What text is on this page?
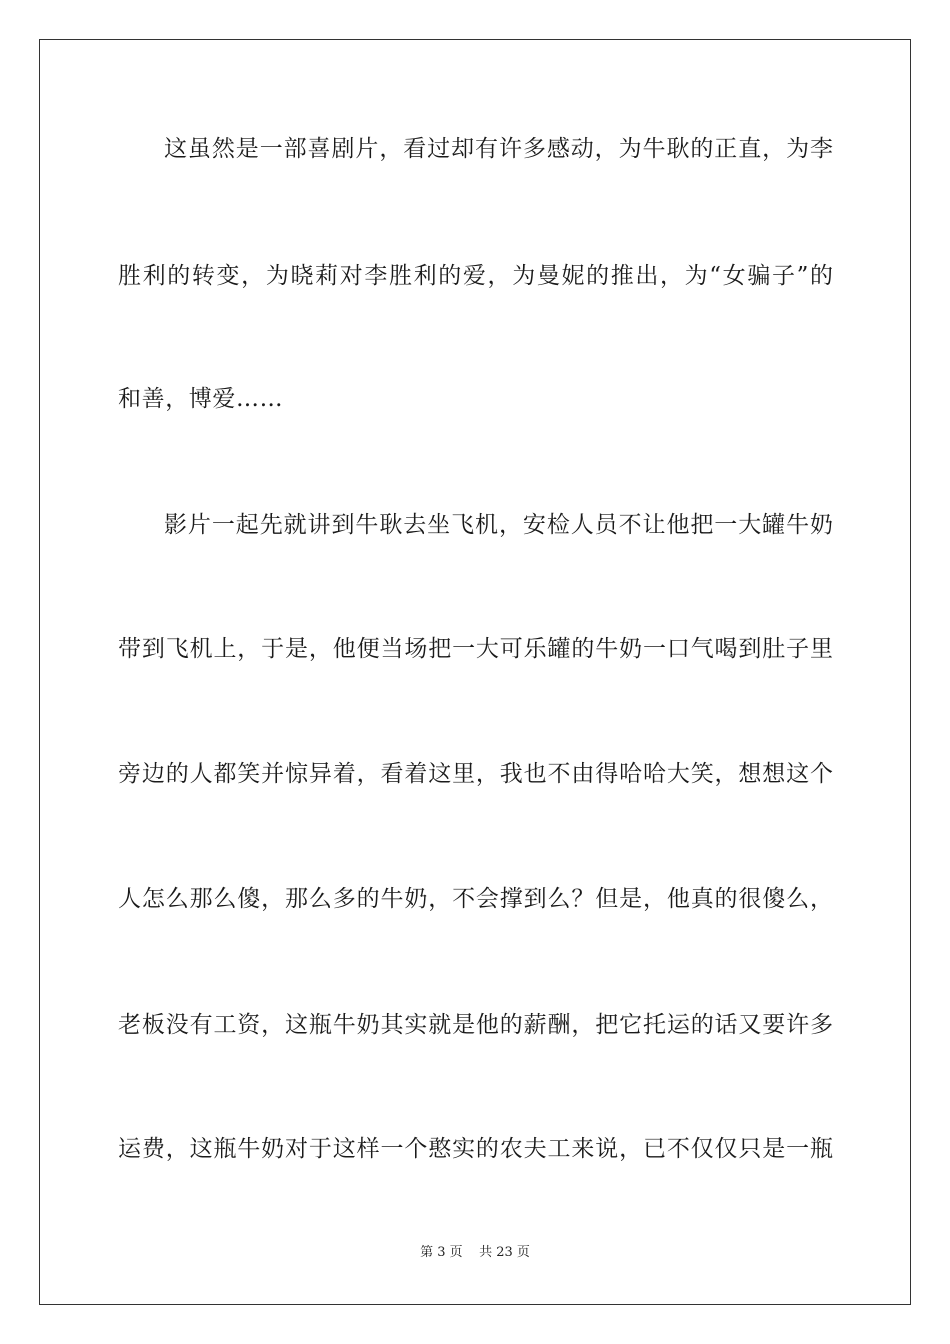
这虽然是一部喜剧片，看过却有许多感动，为牛耿的正直，为李
胜利的转变，为晓莉对李胜利的爱，为曼妮的推出，为“女骗子”的
和善，博爱……
影片一起先就讲到牛耿去坐飞机，安检人员不让他把一大罐牛奶
带到飞机上，于是，他便当场把一大可乐罐的牛奶一口气喝到肚子里
旁边的人都笑并惊异着，看着这里，我也不由得哈哈大笑，想想这个
人怎么那么傻，那么多的牛奶，不会撑到么？但是，他真的很傻么，
老板没有工资，这瓶牛奶其实就是他的薪酬，把它托运的话又要许多
运费，这瓶牛奶对于这样一个憨实的农夫工来说，已不仅仅只是一瓶
第 3 页    共 23 页
